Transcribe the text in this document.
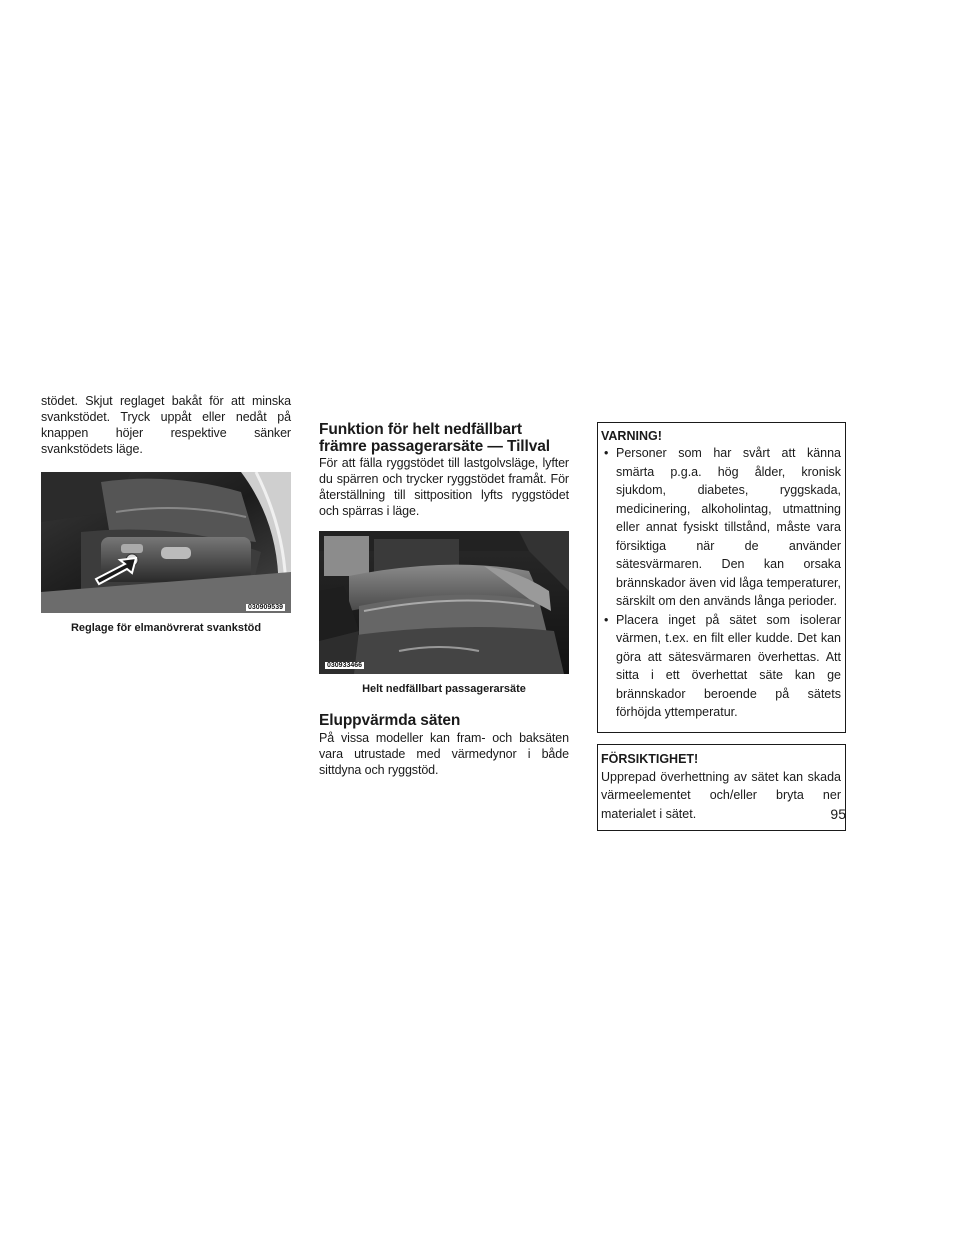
stödet. Skjut reglaget bakåt för att minska svankstödet. Tryck uppåt eller nedåt på knappen höjer respektive sänker svankstödets läge.

030909539

Reglage för elmanövrerat svankstöd

Funktion för helt nedfällbart främre passagerarsäte — Tillval

För att fälla ryggstödet till lastgolvsläge, lyfter du spärren och trycker ryggstödet framåt. För återställning till sittposition lyfts ryggstödet och spärras i läge.

030933466

Helt nedfällbart passagerarsäte

Eluppvärmda säten

På vissa modeller kan fram- och baksäten vara utrustade med värmedynor i både sittdyna och ryggstöd.

VARNING!

• Personer som har svårt att känna smärta p.g.a. hög ålder, kronisk sjukdom, diabetes, ryggskada, medicinering, alkoholintag, utmattning eller annat fysiskt tillstånd, måste vara försiktiga när de använder sätesvärmaren. Den kan orsaka brännskador även vid låga temperaturer, särskilt om den används långa perioder.
• Placera inget på sätet som isolerar värmen, t.ex. en filt eller kudde. Det kan göra att sätesvärmaren överhettas. Att sitta i ett överhettat säte kan ge brännskador beroende på sätets förhöjda yttemperatur.

FÖRSIKTIGHET!

Upprepad överhettning av sätet kan skada värmeelementet och/eller bryta ner materialet i sätet.	95
